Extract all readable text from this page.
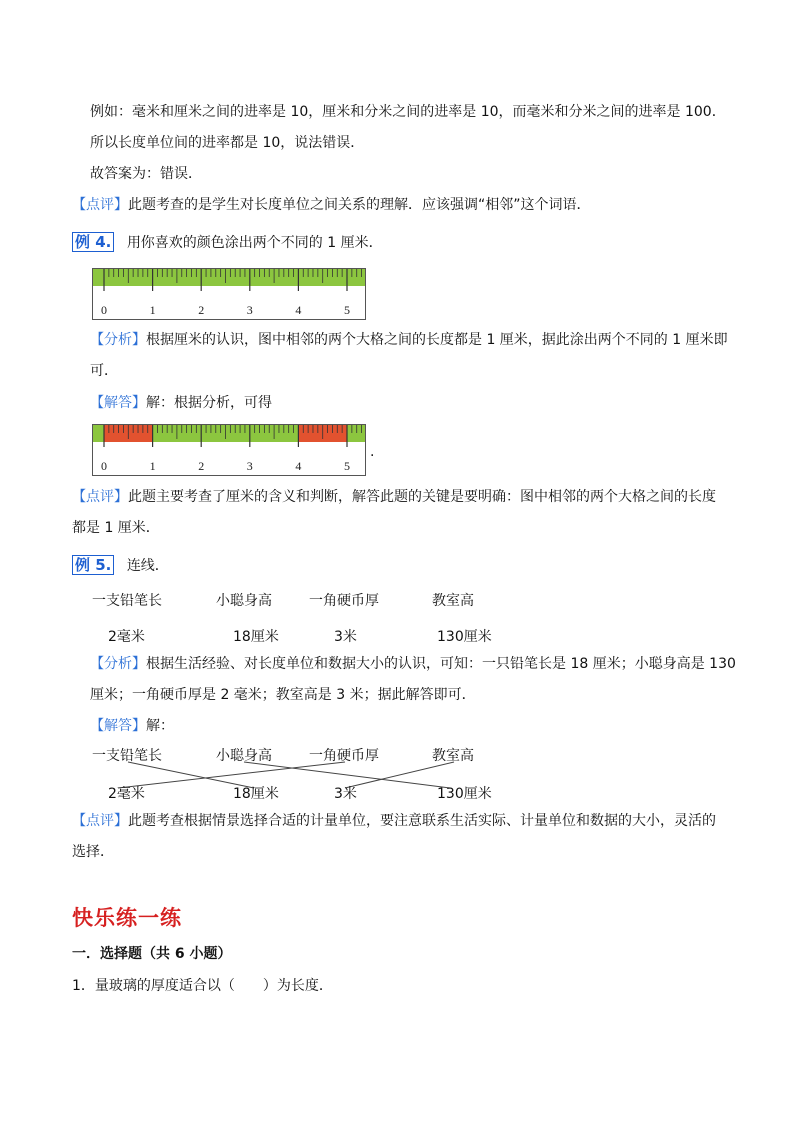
例如：毫米和厘米之间的进率是 10，厘米和分米之间的进率是 10，而毫米和分米之间的进率是 100．
所以长度单位间的进率都是 10，说法错误．
故答案为：错误．
【点评】此题考查的是学生对长度单位之间关系的理解．应该强调“相邻”这个词语．
例 4. 用你喜欢的颜色涂出两个不同的 1 厘米．
0	1	2	3	4	5
【分析】根据厘米的认识，图中相邻的两个大格之间的长度都是 1 厘米，据此涂出两个不同的 1 厘米即
可．
【解答】解：根据分析，可得
0	1	2	3	4	5
.
【点评】此题主要考查了厘米的含义和判断，解答此题的关键是要明确：图中相邻的两个大格之间的长度
都是 1 厘米．
例 5. 连线．
一支铅笔长	小聪身高	一角硬币厚	教室高
2毫米	18厘米	3米	130厘米
【分析】根据生活经验、对长度单位和数据大小的认识，可知：一只铅笔长是 18 厘米；小聪身高是 130
厘米；一角硬币厚是 2 毫米；教室高是 3 米；据此解答即可．
【解答】解：
一支铅笔长	小聪身高	一角硬币厚	教室高
2毫米	18厘米	3米	130厘米
【点评】此题考查根据情景选择合适的计量单位，要注意联系生活实际、计量单位和数据的大小，灵活的
选择．
快乐练一练
一．选择题（共 6 小题）
1．量玻璃的厚度适合以（　　）为长度．
